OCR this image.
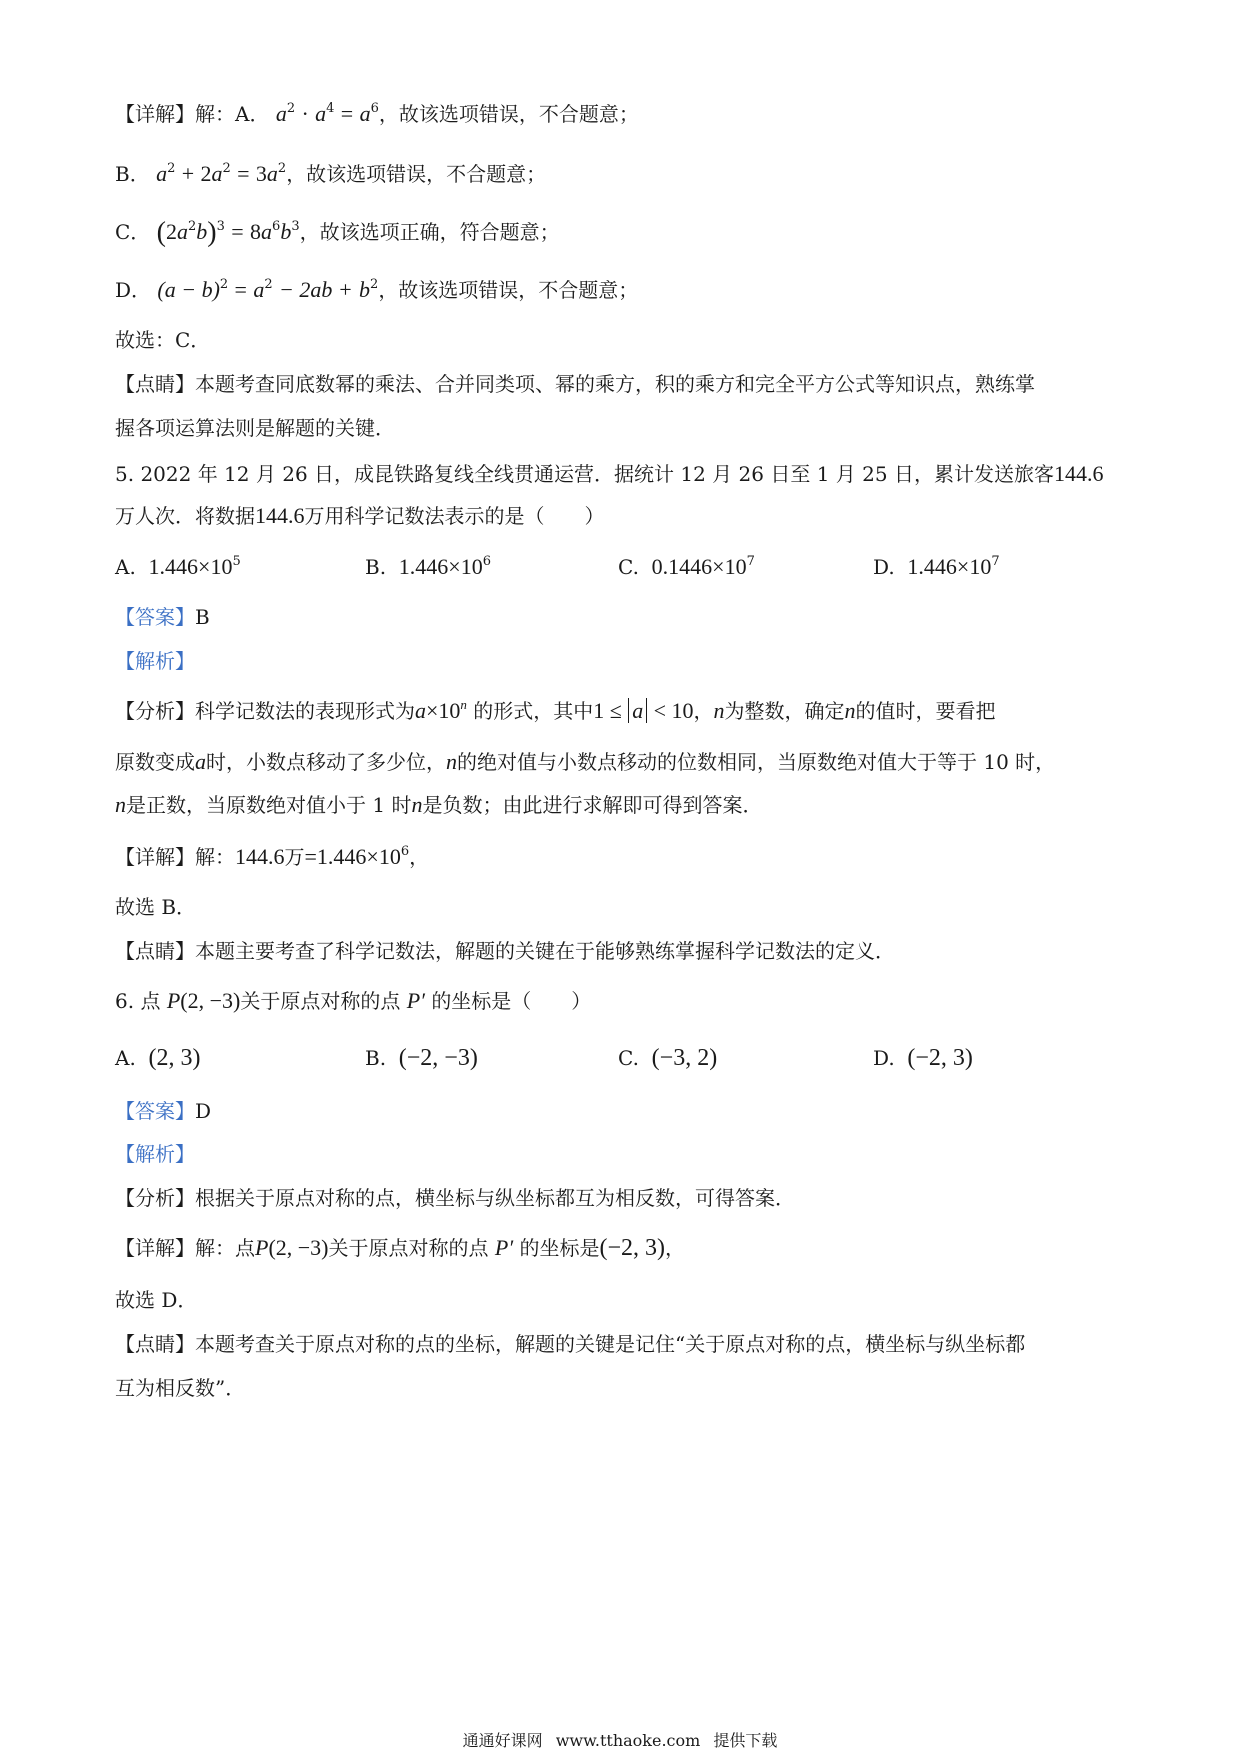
【详解】解：A． $a^2 \cdot a^4 = a^6$，故该选项错误，不合题意；
B． $a^2 + 2a^2 = 3a^2$，故该选项错误，不合题意；
C． $(2a^2b)^3 = 8a^6b^3$，故该选项正确，符合题意；
D． $(a - b)^2 = a^2 - 2ab + b^2$，故该选项错误，不合题意；
故选：C．
【点睛】本题考查同底数幂的乘法、合并同类项、幂的乘方，积的乘方和完全平方公式等知识点，熟练掌
握各项运算法则是解题的关键．
5. 2022 年 12 月 26 日，成昆铁路复线全线贯通运营．据统计 12 月 26 日至 1 月 25 日，累计发送旅客144.6
万人次．将数据144.6万用科学记数法表示的是（　　）
A. $1.446\times 10^5$	B. $1.446\times 10^6$	C. $0.1446\times 10^7$	D. $1.446\times 10^7$
【答案】B
【解析】
【分析】科学记数法的表现形式为$a\times 10^n$ 的形式，其中1 ≤ a < 10，n为整数，确定n的值时，要看把
原数变成a时，小数点移动了多少位，n的绝对值与小数点移动的位数相同，当原数绝对值大于等于 10 时，
n是正数，当原数绝对值小于 1 时n是负数；由此进行求解即可得到答案．
【详解】解：144.6万$=1.446\times 10^6$，
故选 B．
【点睛】本题主要考查了科学记数法，解题的关键在于能够熟练掌握科学记数法的定义．
6. 点 P(2, −3)关于原点对称的点 P′ 的坐标是（　　）
A. (2, 3)	B. (−2, −3)	C. (−3, 2)	D. (−2, 3)
【答案】D
【解析】
【分析】根据关于原点对称的点，横坐标与纵坐标都互为相反数，可得答案．
【详解】解：点P(2, −3)关于原点对称的点 P′ 的坐标是(−2, 3)，
故选 D．
【点睛】本题考查关于原点对称的点的坐标，解题的关键是记住“关于原点对称的点，横坐标与纵坐标都
互为相反数”．
通通好课网 www.tthaoke.com 提供下载
